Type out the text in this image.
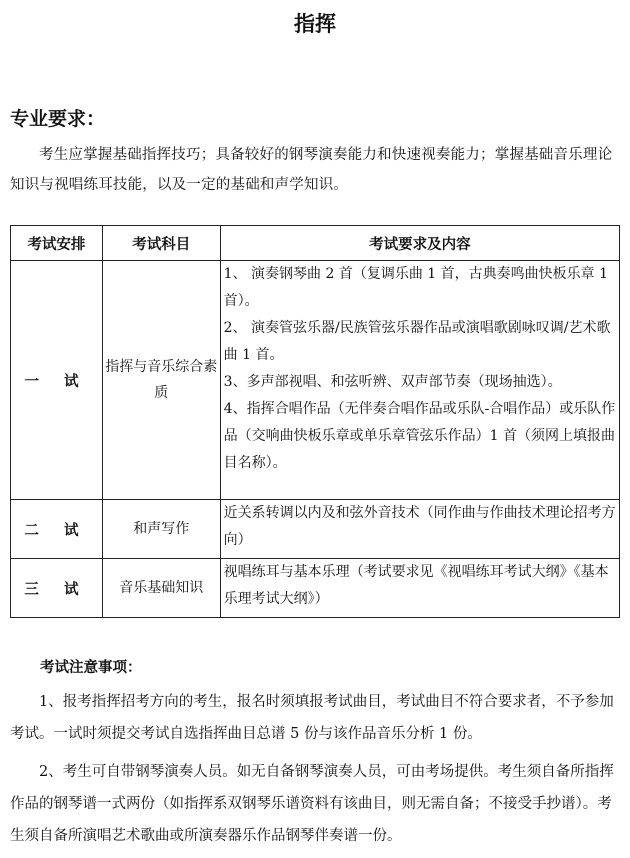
指挥
专业要求：
考生应掌握基础指挥技巧；具备较好的钢琴演奏能力和快速视奏能力；掌握基础音乐理论知识与视唱练耳技能，以及一定的基础和声学知识。
考试安排	考试科目	考试要求及内容
一 试	指挥与音乐综合素质	1、 演奏钢琴曲 2 首（复调乐曲 1 首，古典奏鸣曲快板乐章 1 首）。
2、 演奏管弦乐器/民族管弦乐器作品或演唱歌剧咏叹调/艺术歌曲 1 首。
3、多声部视唱、和弦听辨、双声部节奏（现场抽选）。
4、指挥合唱作品（无伴奏合唱作品或乐队-合唱作品）或乐队作品（交响曲快板乐章或单乐章管弦乐作品）1 首（须网上填报曲目名称）。

二 试	和声写作	近关系转调以内及和弦外音技术（同作曲与作曲技术理论招考方向）

三 试	音乐基础知识	视唱练耳与基本乐理（考试要求见《视唱练耳考试大纲》《基本乐理考试大纲》）
考试注意事项：

1、报考指挥招考方向的考生，报名时须填报考试曲目，考试曲目不符合要求者，不予参加考试。一试时须提交考试自选指挥曲目总谱 5 份与该作品音乐分析 1 份。

2、考生可自带钢琴演奏人员。如无自备钢琴演奏人员，可由考场提供。考生须自备所指挥作品的钢琴谱一式两份（如指挥系双钢琴乐谱资料有该曲目，则无需自备；不接受手抄谱）。考生须自备所演唱艺术歌曲或所演奏器乐作品钢琴伴奏谱一份。
